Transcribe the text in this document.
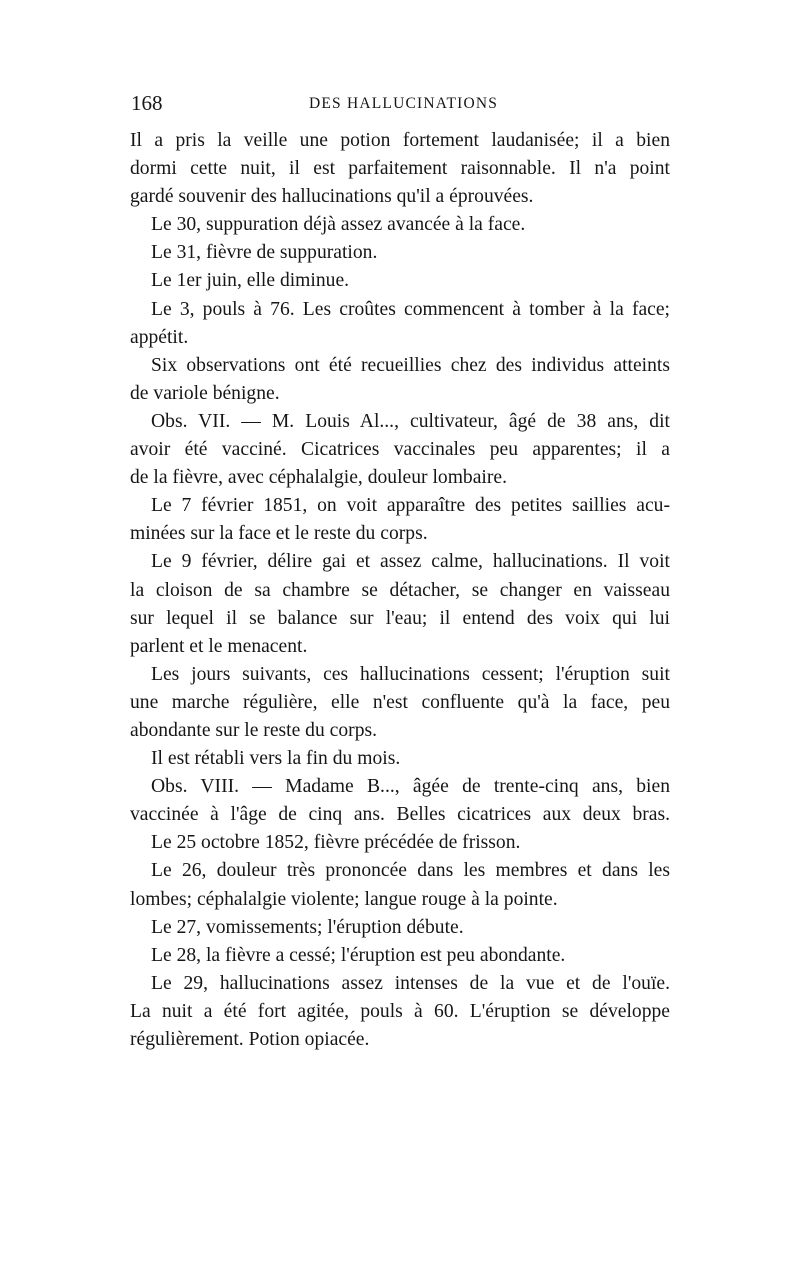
168	DES HALLUCINATIONS
Il a pris la veille une potion fortement laudanisée; il a bien
dormi cette nuit, il est parfaitement raisonnable. Il n'a point
gardé souvenir des hallucinations qu'il a éprouvées.
Le 30, suppuration déjà assez avancée à la face.
Le 31, fièvre de suppuration.
Le 1er juin, elle diminue.
Le 3, pouls à 76. Les croûtes commencent à tomber à la face;
appétit.
Six observations ont été recueillies chez des individus atteints
de variole bénigne.
Obs. VII. — M. Louis Al..., cultivateur, âgé de 38 ans, dit
avoir été vacciné. Cicatrices vaccinales peu apparentes; il a
de la fièvre, avec céphalalgie, douleur lombaire.
Le 7 février 1851, on voit apparaître des petites saillies acu-
minées sur la face et le reste du corps.
Le 9 février, délire gai et assez calme, hallucinations. Il voit
la cloison de sa chambre se détacher, se changer en vaisseau
sur lequel il se balance sur l'eau; il entend des voix qui lui
parlent et le menacent.
Les jours suivants, ces hallucinations cessent; l'éruption suit
une marche régulière, elle n'est confluente qu'à la face, peu
abondante sur le reste du corps.
Il est rétabli vers la fin du mois.
Obs. VIII. — Madame B..., âgée de trente-cinq ans, bien
vaccinée à l'âge de cinq ans. Belles cicatrices aux deux bras.
Le 25 octobre 1852, fièvre précédée de frisson.
Le 26, douleur très prononcée dans les membres et dans les
lombes; céphalalgie violente; langue rouge à la pointe.
Le 27, vomissements; l'éruption débute.
Le 28, la fièvre a cessé; l'éruption est peu abondante.
Le 29, hallucinations assez intenses de la vue et de l'ouïe.
La nuit a été fort agitée, pouls à 60. L'éruption se développe
régulièrement. Potion opiacée.
